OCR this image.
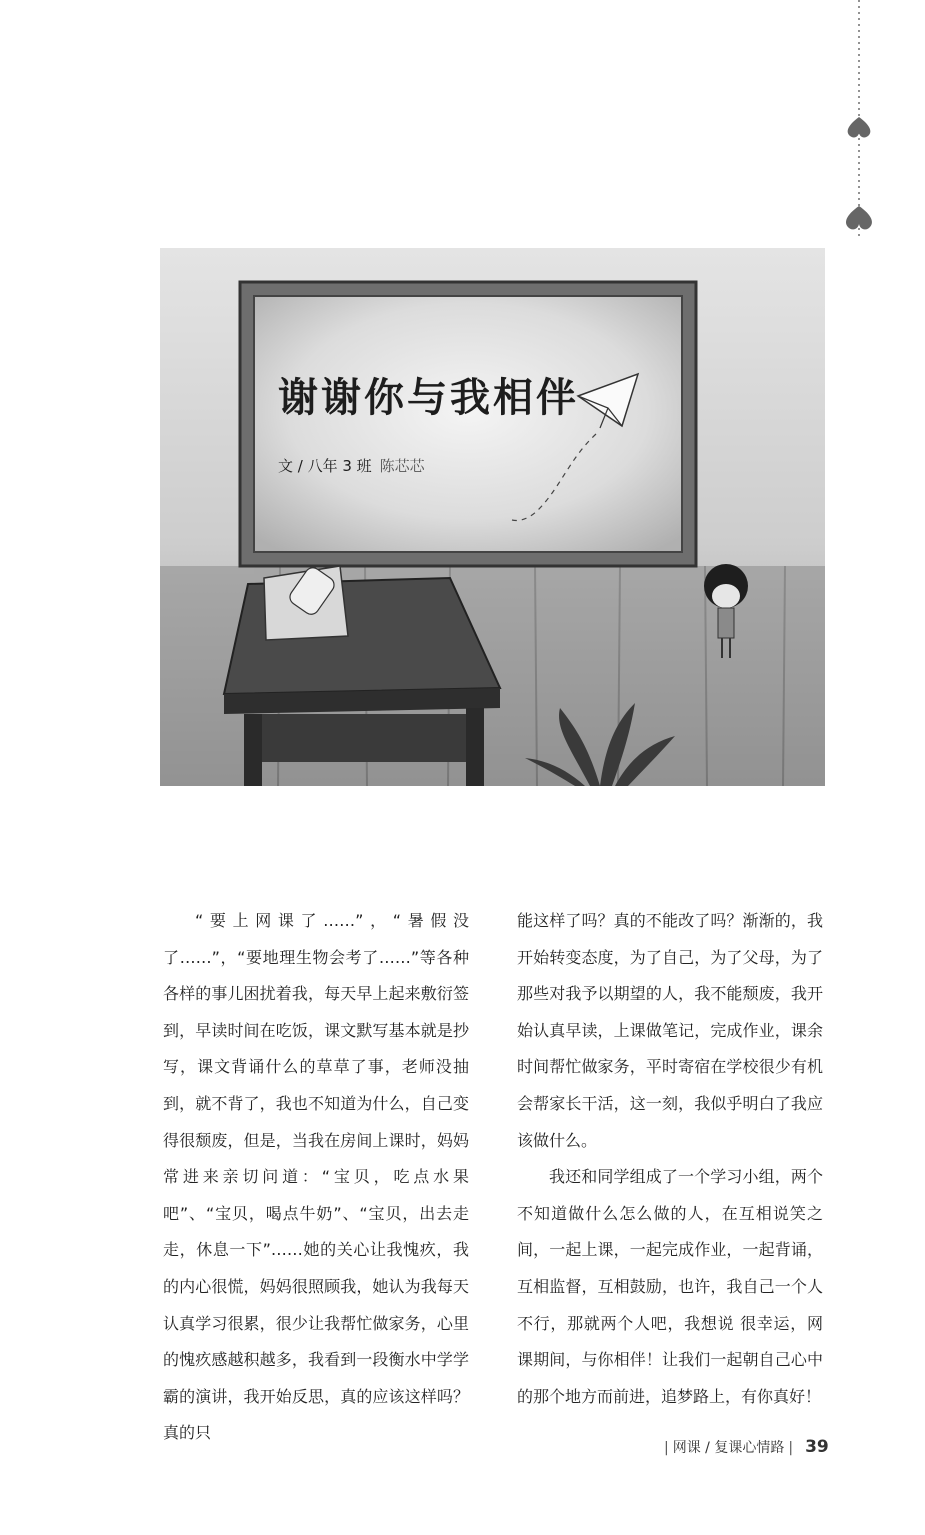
谢谢你与我相伴
文 / 八年 3 班 陈芯芯

“要上网课了……”，“暑假没了……”，“要地理生物会考了……”等各种各样的事儿困扰着我，每天早上起来敷衍签到，早读时间在吃饭，课文默写基本就是抄写，课文背诵什么的草草了事，老师没抽到，就不背了，我也不知道为什么，自己变得很颓废，但是，当我在房间上课时，妈妈常进来亲切问道：“宝贝，吃点水果吧”、“宝贝，喝点牛奶”、“宝贝，出去走走，休息一下”……她的关心让我愧疚，我的内心很慌，妈妈很照顾我，她认为我每天认真学习很累，很少让我帮忙做家务，心里的愧疚感越积越多，我看到一段衡水中学学霸的演讲，我开始反思，真的应该这样吗？真的只

能这样了吗？真的不能改了吗？渐渐的，我开始转变态度，为了自己，为了父母，为了那些对我予以期望的人，我不能颓废，我开始认真早读，上课做笔记，完成作业，课余时间帮忙做家务，平时寄宿在学校很少有机会帮家长干活，这一刻，我似乎明白了我应该做什么。

我还和同学组成了一个学习小组，两个不知道做什么怎么做的人，在互相说笑之间，一起上课，一起完成作业，一起背诵，互相监督，互相鼓励，也许，我自己一个人不行，那就两个人吧，我想说 很幸运，网课期间，与你相伴！让我们一起朝自己心中的那个地方而前进，追梦路上，有你真好！

| 网课 / 复课心情路 | 39
